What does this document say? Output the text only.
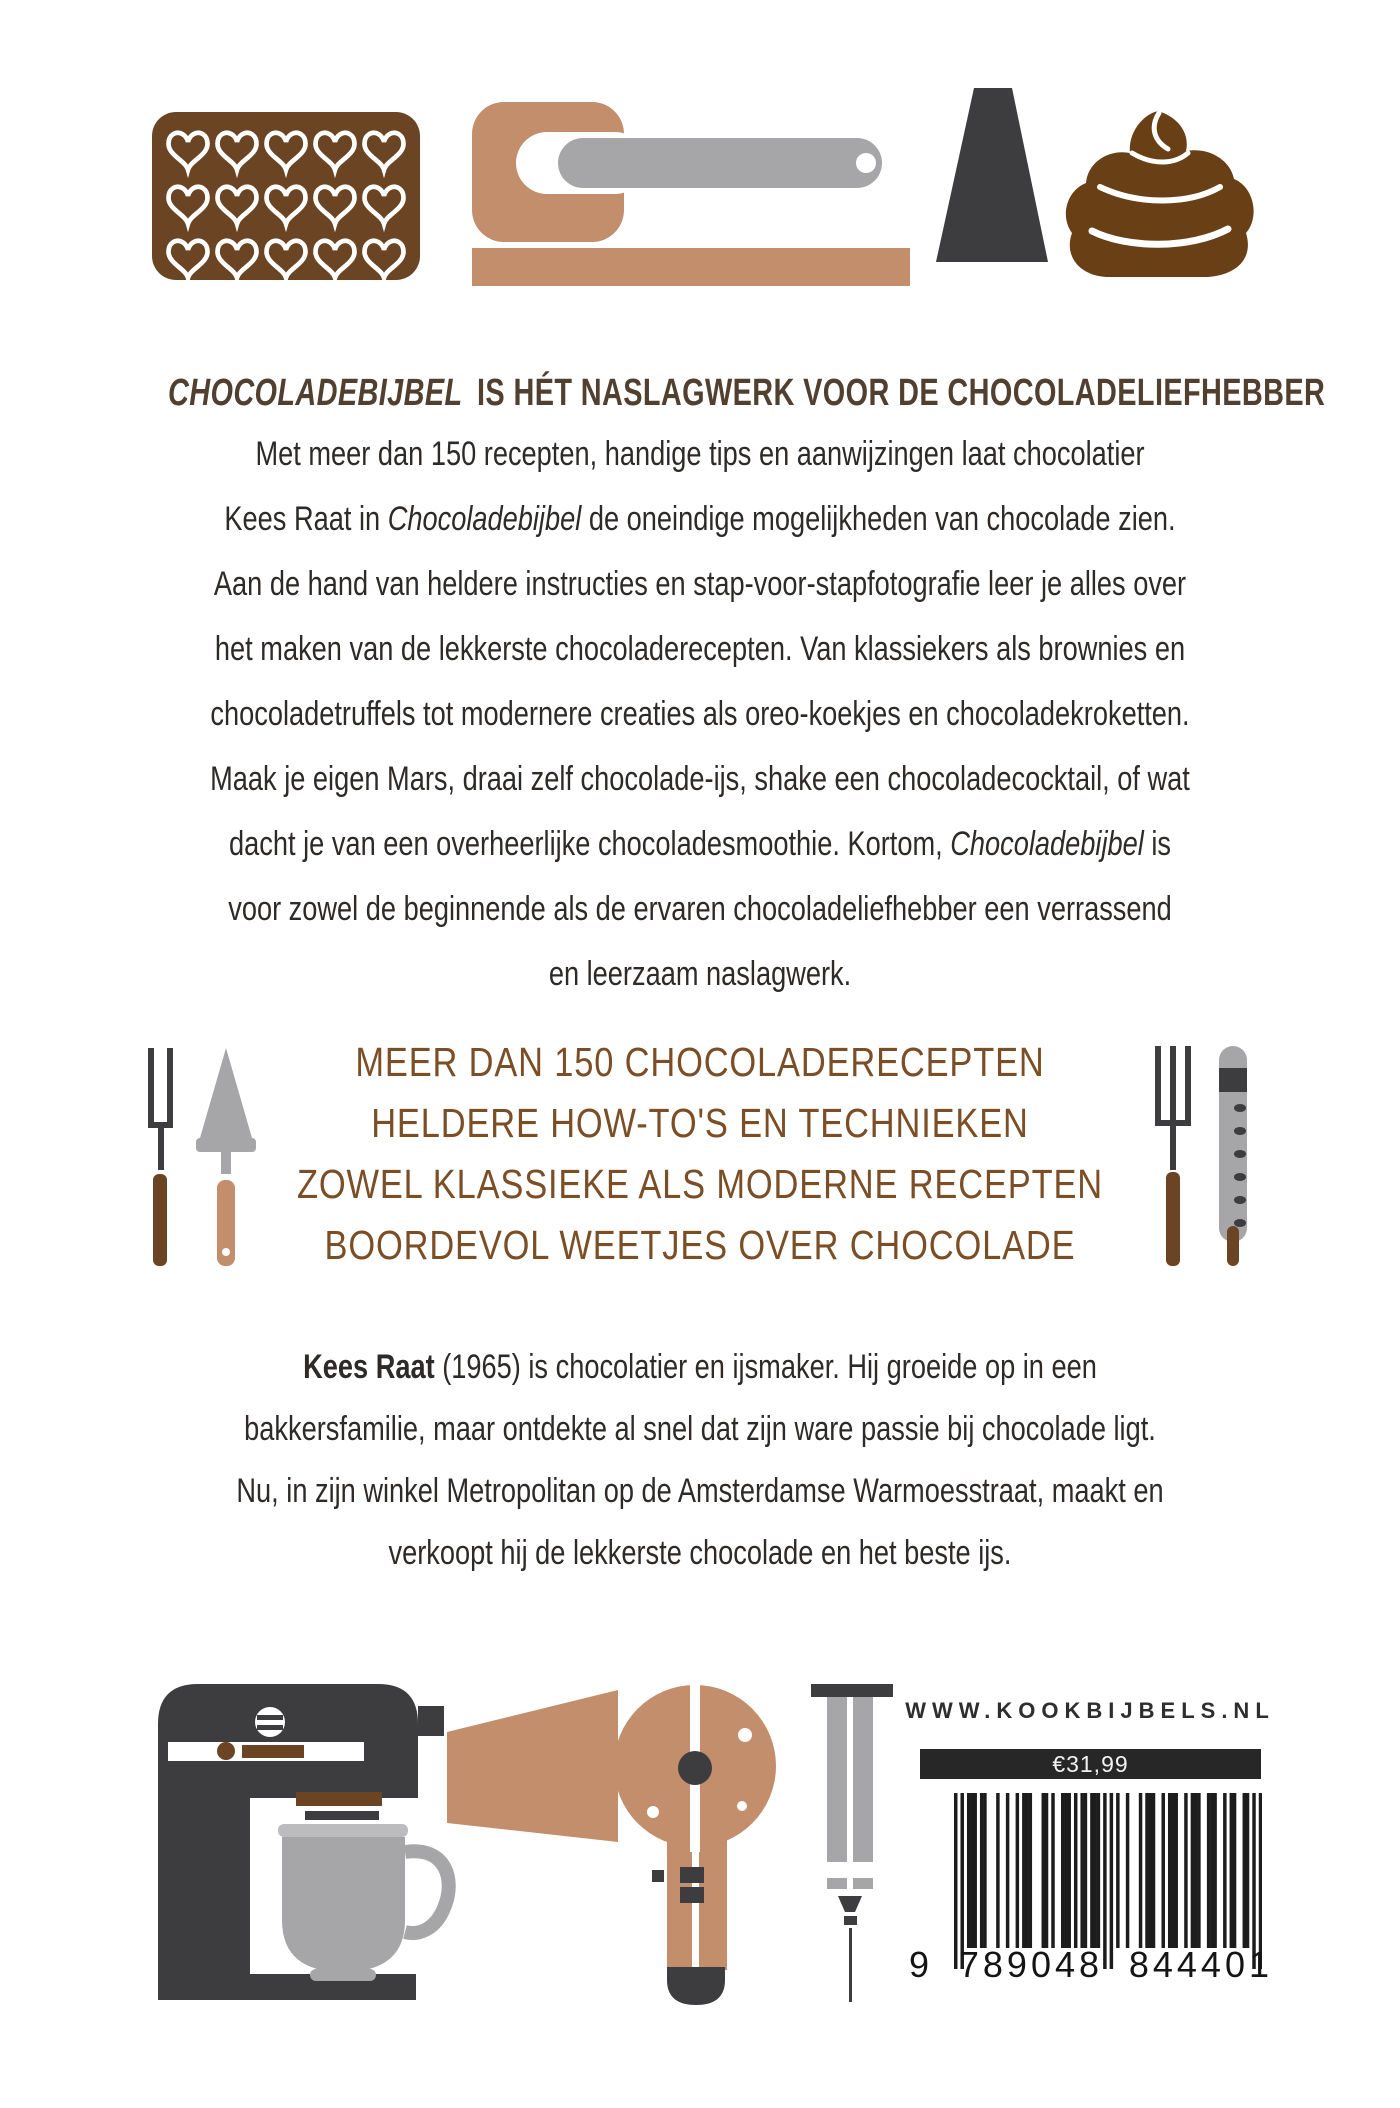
CHOCOLADEBIJBEL IS HÉT NASLAGWERK VOOR DE CHOCOLADELIEFHEBBER
Met meer dan 150 recepten, handige tips en aanwijzingen laat chocolatier
Kees Raat in Chocoladebijbel de oneindige mogelijkheden van chocolade zien.
Aan de hand van heldere instructies en stap-voor-stapfotografie leer je alles over
het maken van de lekkerste chocoladerecepten. Van klassiekers als brownies en
chocoladetruffels tot modernere creaties als oreo-koekjes en chocoladekroketten.
Maak je eigen Mars, draai zelf chocolade-ijs, shake een chocoladecocktail, of wat
dacht je van een overheerlijke chocoladesmoothie. Kortom, Chocoladebijbel is
voor zowel de beginnende als de ervaren chocoladeliefhebber een verrassend
en leerzaam naslagwerk.
MEER DAN 150 CHOCOLADERECEPTEN
HELDERE HOW-TO'S EN TECHNIEKEN
ZOWEL KLASSIEKE ALS MODERNE RECEPTEN
BOORDEVOL WEETJES OVER CHOCOLADE
Kees Raat (1965) is chocolatier en ijsmaker. Hij groeide op in een
bakkersfamilie, maar ontdekte al snel dat zijn ware passie bij chocolade ligt.
Nu, in zijn winkel Metropolitan op de Amsterdamse Warmoesstraat, maakt en
verkoopt hij de lekkerste chocolade en het beste ijs.
WWW.KOOKBIJBELS.NL
€31,99
9 789048 844401
